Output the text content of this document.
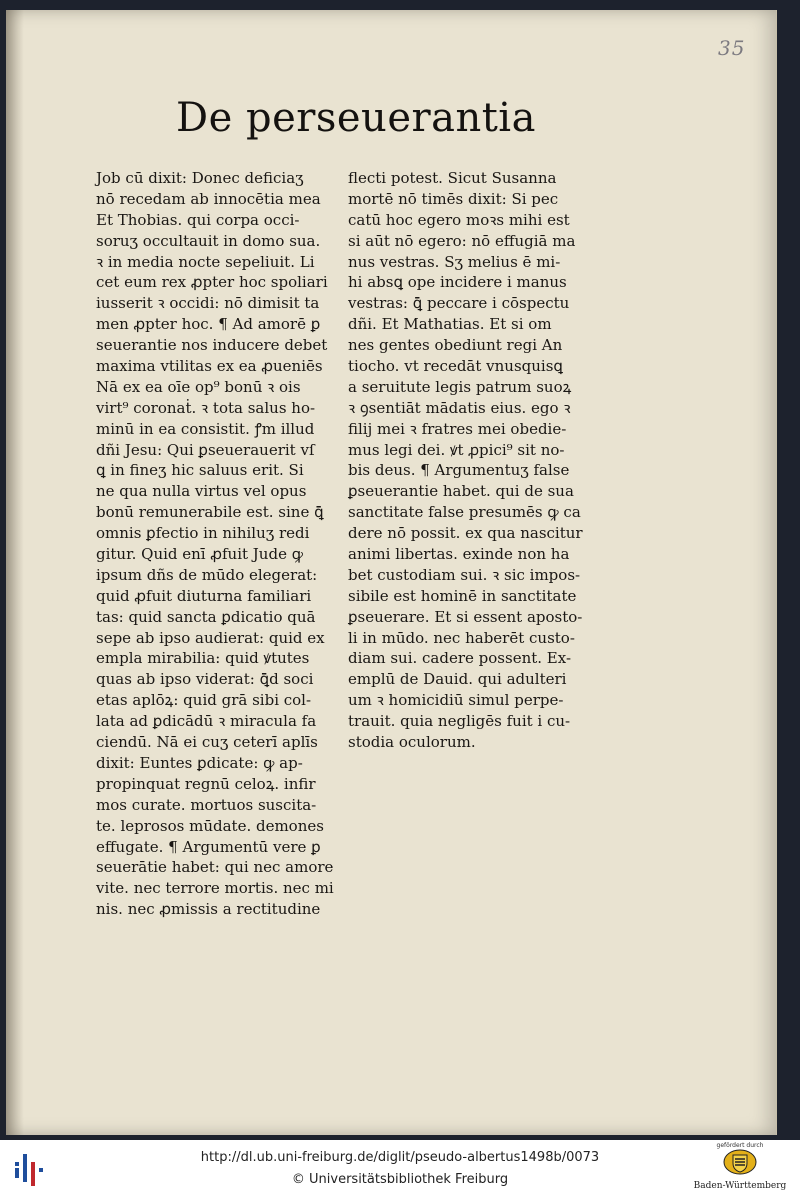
35
De perseuerantia
Job cū dixit: Donec deficiaʒ
nō recedam ab innocētia mea
Et Thobias. qui corpa occi-
soruʒ occultauit in domo sua.
ꝛ in media nocte sepeliuit. Li
cet eum rex ꝓpter hoc spoliari
iusserit ꝛ occidi: nō dimisit ta
men ꝓpter hoc. ¶ Ad amorē ꝑ
seuerantie nos inducere debet
maxima vtilitas ex ea ꝓueniēs
Nā ex ea oīe op⁹ bonū ꝛ ois
virt⁹ coronaṫ. ꝛ tota salus ho-
minū in ea consistit. ꝭm illud
dñi Jesu: Qui ꝑseuerauerit vſ
ꝗ in fineʒ hic saluus erit. Si
ne qua nulla virtus vel opus
bonū remunerabile est. sine ꝗ̄
omnis ꝑfectio in nihiluʒ redi
gitur. Quid enī ꝓfuit Jude ꝙ
ipsum dñs de mūdo elegerat:
quid ꝓfuit diuturna familiari
tas: quid sancta ꝑdicatio quā
sepe ab ipso audierat: quid ex
empla mirabilia: quid ꝟtutes
quas ab ipso viderat: ꝗ̄d soci
etas aplōꝝ: quid grā sibi col-
lata ad ꝑdicādū ꝛ miracula fa
ciendū. Nā ei cuʒ ceterī aplīs
dixit: Euntes ꝑdicate: ꝙ ap-
propinquat regnū celoꝝ. infir
mos curate. mortuos suscita-
te. leprosos mūdate. demones
effugate. ¶ Argumentū vere ꝑ
seuerātie habet: qui nec amore
vite. nec terrore mortis. nec mi
nis. nec ꝓmissis a rectitudine
flecti potest. Sicut Susanna
mortē nō timēs dixit: Si pec
catū hoc egero moꝛs mihi est
si aūt nō egero: nō effugiā ma
nus vestras. Sʒ melius ē mi-
hi absꝗ ope incidere i manus
vestras: ꝗ̄ peccare i cōspectu
dñi. Et Mathatias. Et si om
nes gentes obediunt regi An
tiocho. vt recedāt vnusquisꝗ
a seruitute legis patrum suoꝝ
ꝛ ꝯsentiāt mādatis eius. ego ꝛ
filij mei ꝛ fratres mei obedie-
mus legi dei. ꝟt ꝓpici⁹ sit no-
bis deus. ¶ Argumentuʒ false
ꝑseuerantie habet. qui de sua
sanctitate false presumēs ꝙ ca
dere nō possit. ex qua nascitur
animi libertas. exinde non ha
bet custodiam sui. ꝛ sic impos-
sibile est hominē in sanctitate
ꝑseuerare. Et si essent aposto-
li in mūdo. nec haberēt custo-
diam sui. cadere possent. Ex-
emplū de Dauid. qui adulteri
um ꝛ homicidiū simul perpe-
trauit. quia negligēs fuit i cu-
stodia oculorum.
http://dl.ub.uni-freiburg.de/diglit/pseudo-albertus1498b/0073
© Universitätsbibliothek Freiburg
gefördert durch
Baden-Württemberg
